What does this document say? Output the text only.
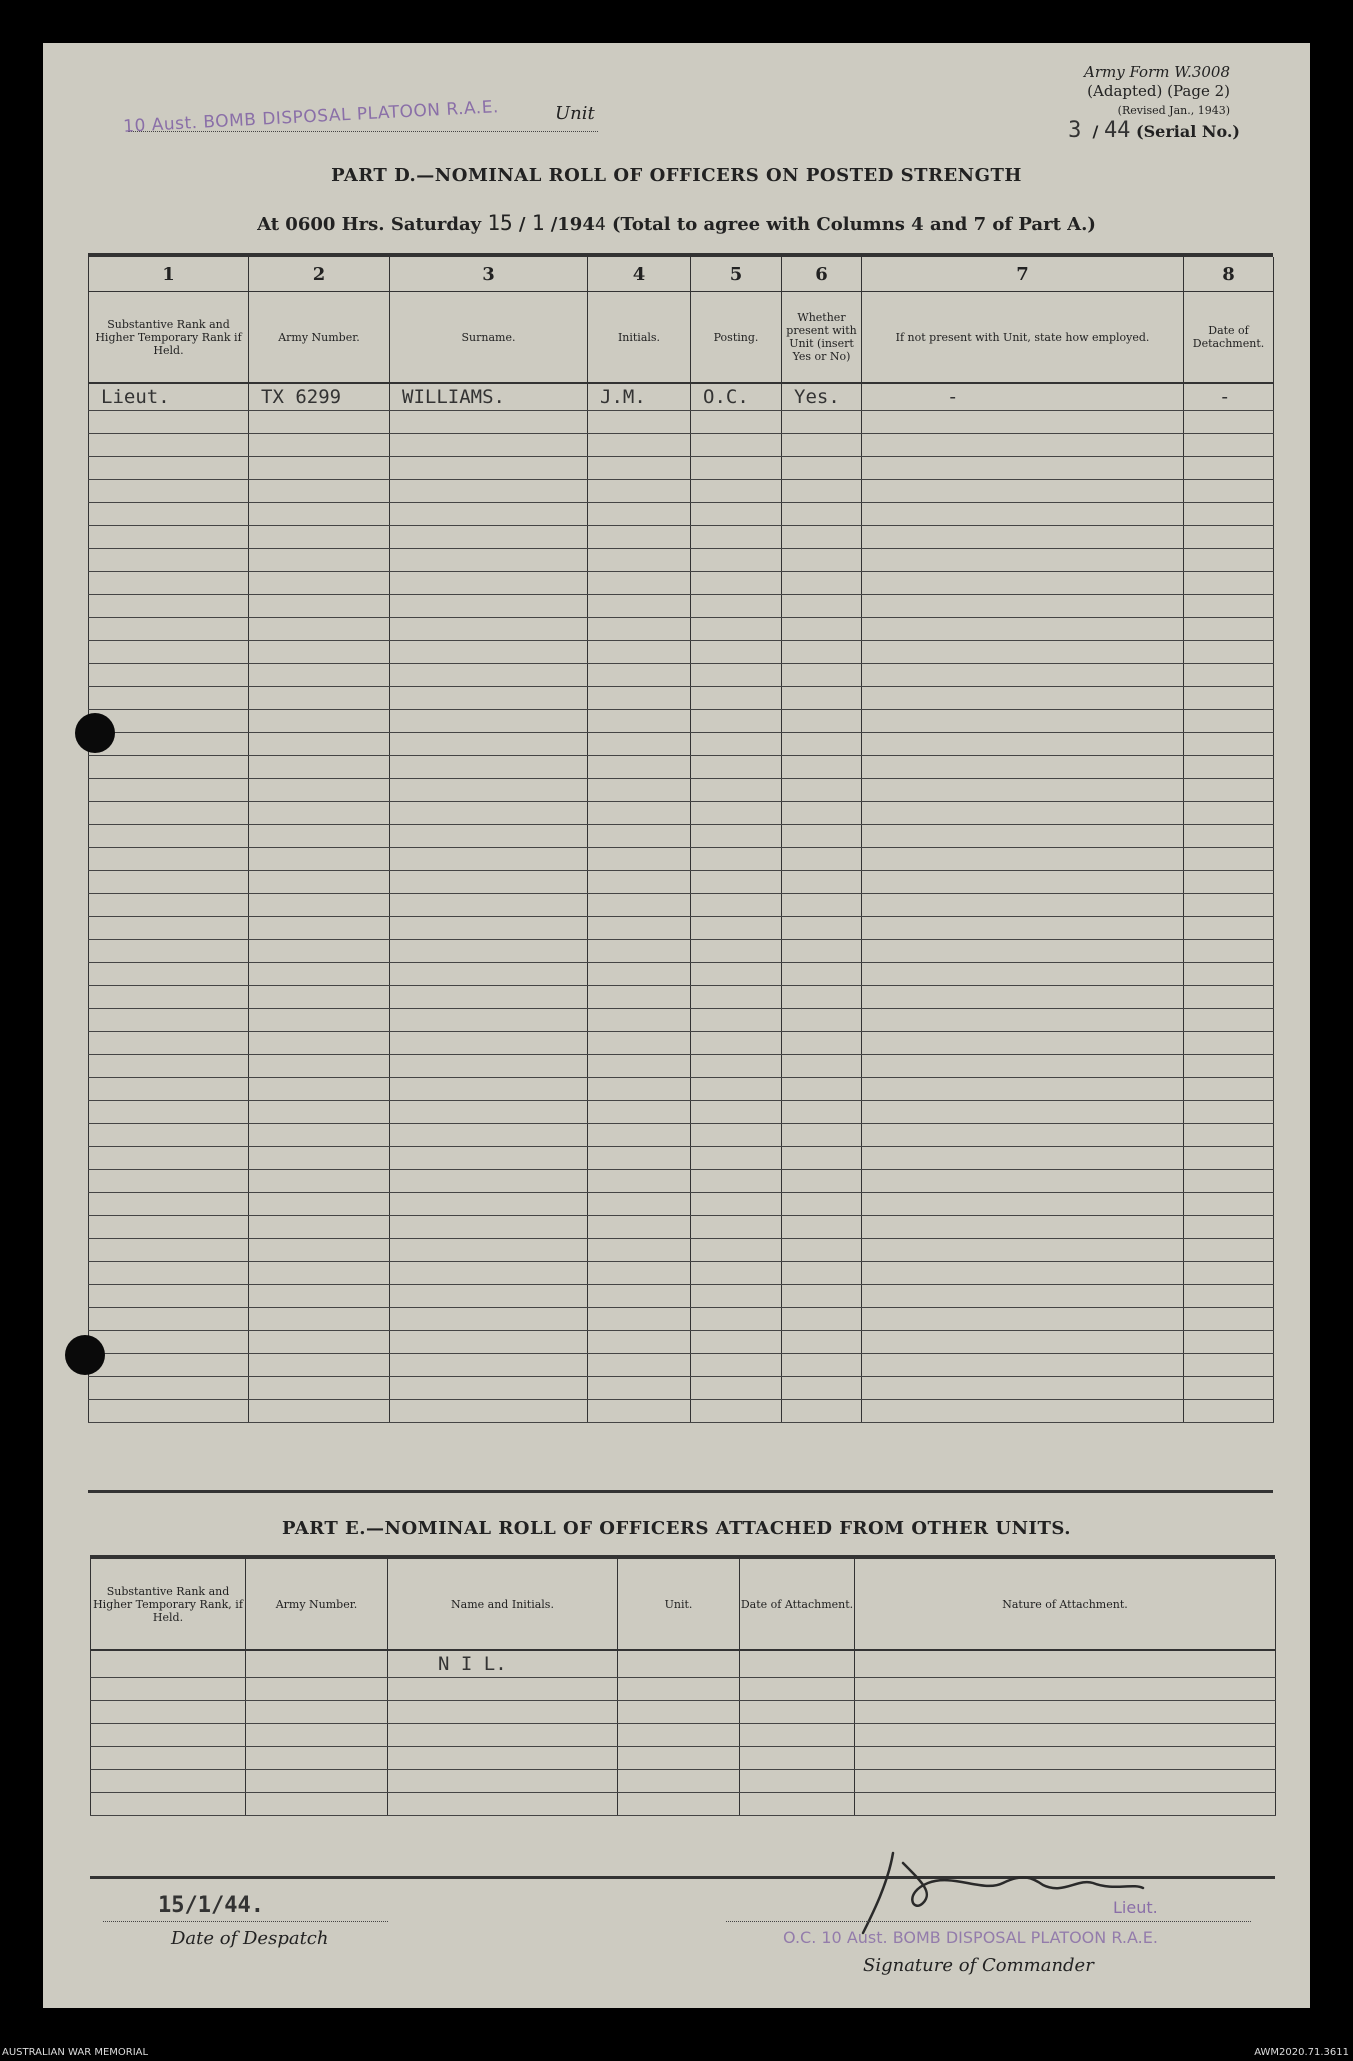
Army Form W.3008
(Adapted) (Page 2)
(Revised Jan., 1943)
3  / 44 (Serial No.)
10 Aust. BOMB DISPOSAL PLATOON R.A.E.	Unit
PART D.—NOMINAL ROLL OF OFFICERS ON POSTED STRENGTH
At 0600 Hrs. Saturday 15 / 1 /1944 (Total to agree with Columns 4 and 7 of Part A.)
1	2	3	4	5	6	7	8
Substantive Rank and Higher Temporary Rank if Held.	Army Number.	Surname.	Initials.	Posting.	Whether present with Unit (insert Yes or No)	If not present with Unit, state how employed.	Date of Detachment.
Lieut.	TX 6299	WILLIAMS.	J.M.	O.C.	Yes.	-	-

PART E.—NOMINAL ROLL OF OFFICERS ATTACHED FROM OTHER UNITS.
Substantive Rank and Higher Temporary Rank, if Held.	Army Number.	Name and Initials.	Unit.	Date of Attachment.	Nature of Attachment.
		N I L.			

15/1/44.
Date of Despatch
Lieut.
O.C. 10 Aust. BOMB DISPOSAL PLATOON R.A.E.
Signature of Commander
AUSTRALIAN WAR MEMORIAL	AWM2020.71.3611
